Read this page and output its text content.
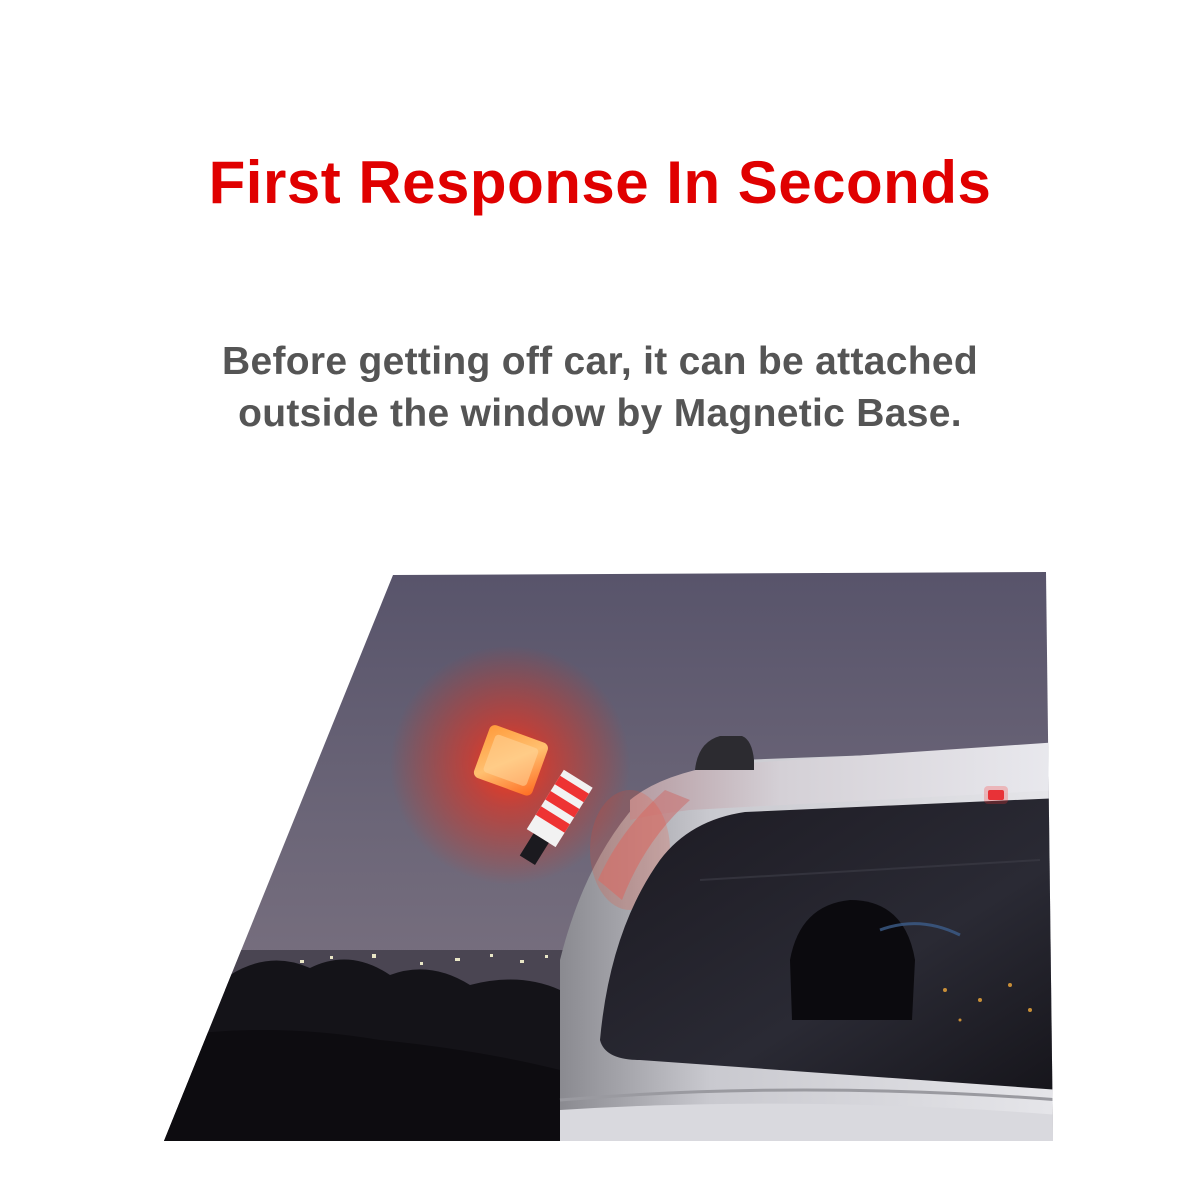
First Response In Seconds
Before getting off car, it can be attached
outside the window by Magnetic Base.
